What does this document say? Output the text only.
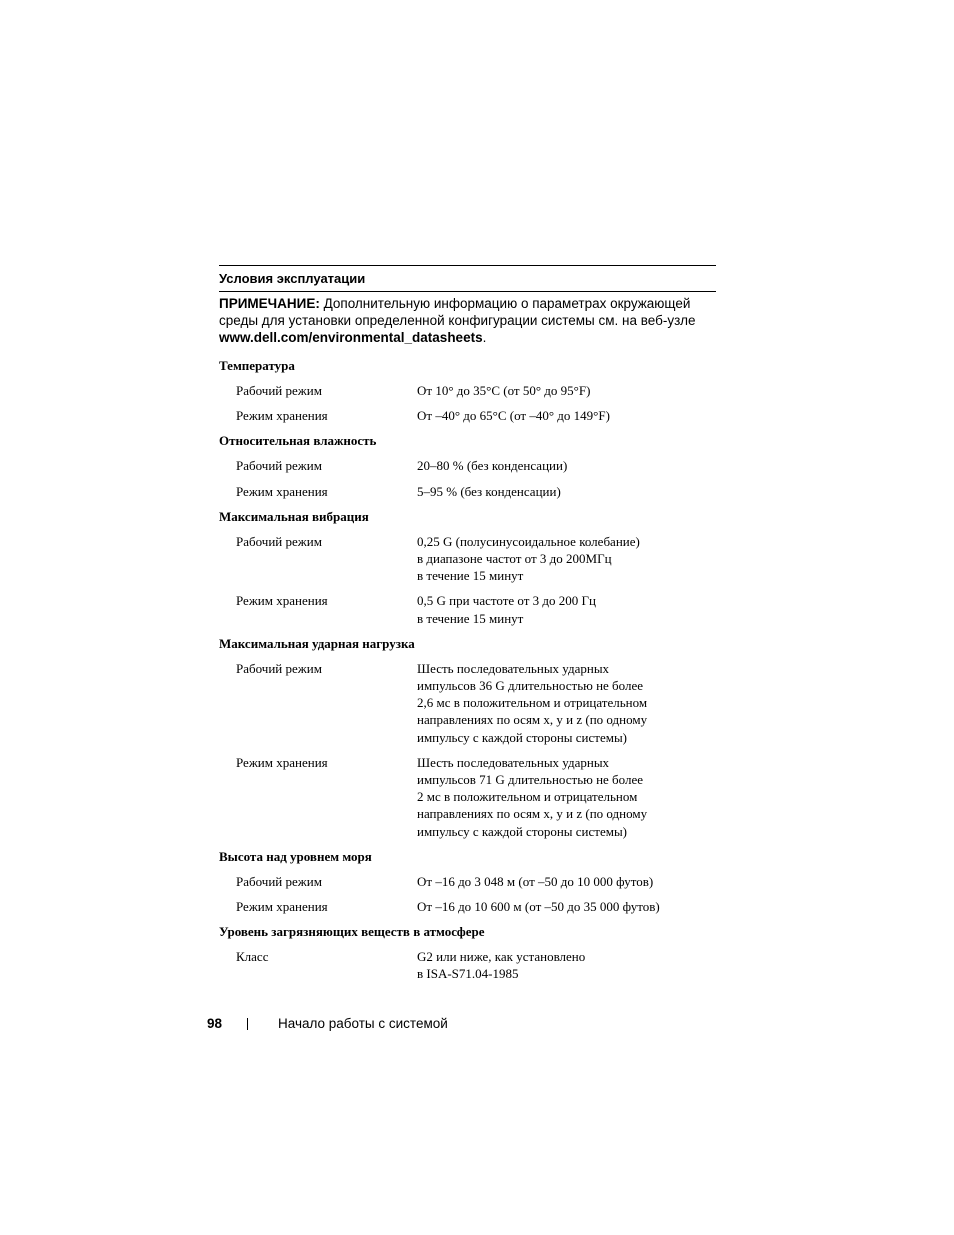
Условия эксплуатации
ПРИМЕЧАНИЕ: Дополнительную информацию о параметрах окружающей среды для установки определенной конфигурации системы см. на веб-узле www.dell.com/environmental_datasheets.
Температура
Рабочий режим	От 10° до 35°C (от 50° до 95°F)
Режим хранения	От –40° до 65°C (от –40° до 149°F)
Относительная влажность
Рабочий режим	20–80 % (без конденсации)
Режим хранения	5–95 % (без конденсации)
Максимальная вибрация
Рабочий режим	0,25 G (полусинусоидальное колебание)
в диапазоне частот от 3 до 200МГц
в течение 15 минут
Режим хранения	0,5 G при частоте от 3 до 200 Гц
в течение 15 минут
Максимальная ударная нагрузка
Рабочий режим	Шесть последовательных ударных
импульсов 36 G длительностью не более
2,6 мс в положительном и отрицательном
направлениях по осям x, y и z (по одному
импульсу с каждой стороны системы)
Режим хранения	Шесть последовательных ударных
импульсов 71 G длительностью не более
2 мс в положительном и отрицательном
направлениях по осям x, y и z (по одному
импульсу с каждой стороны системы)
Высота над уровнем моря
Рабочий режим	От –16 до 3 048 м (от –50 до 10 000 футов)
Режим хранения	От –16 до 10 600 м (от –50 до 35 000 футов)
Уровень загрязняющих веществ в атмосфере
Класс	G2 или ниже, как установлено
в ISA-S71.04-1985
98	Начало работы с системой
